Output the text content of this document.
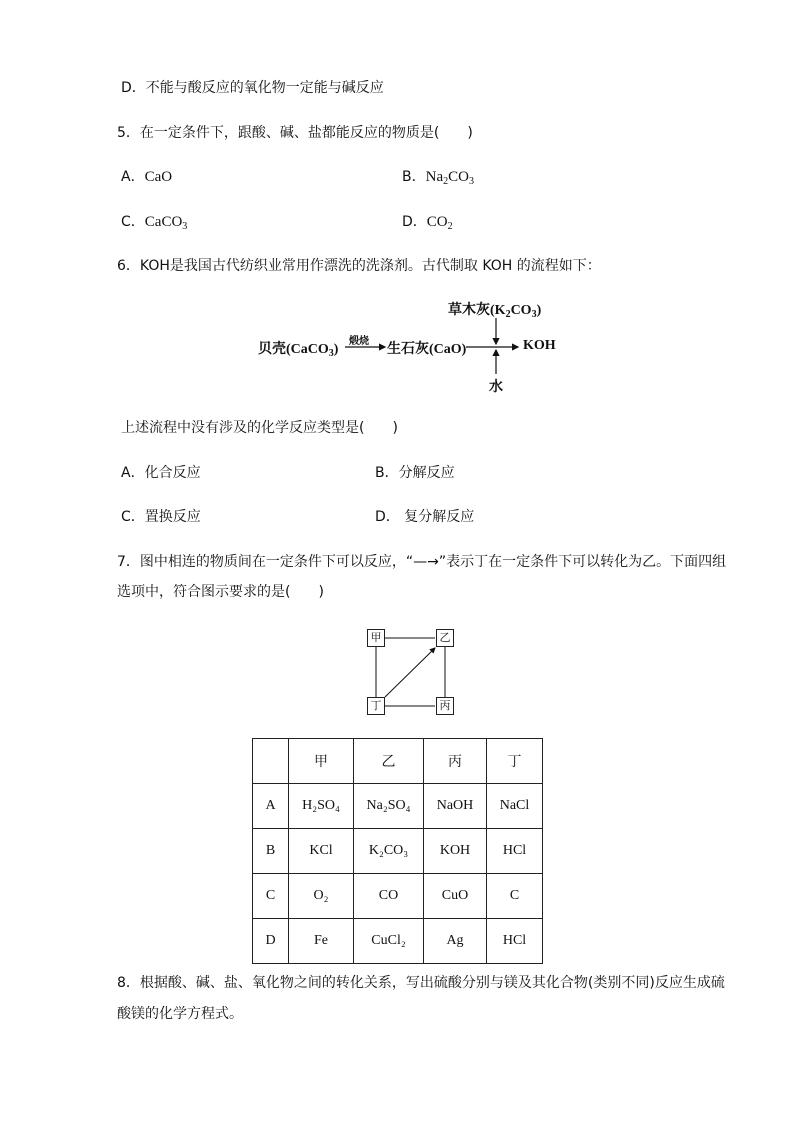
D．不能与酸反应的氧化物一定能与碱反应
5．在一定条件下，跟酸、碱、盐都能反应的物质是(　　)
A．CaO	B．$Na_2CO_3$
C．CaCO$_3$	D．$CO_2$
6．KOH是我国古代纺织业常用作漂洗的洗涤剂。古代制取 KOH 的流程如下：
贝壳(CaCO$_3$)
煅烧
生石灰(CaO)
草木灰$(K_2CO_3)$
水
KOH
上述流程中没有涉及的化学反应类型是(　　)
A．化合反应	B．分解反应
C．置换反应	D． 复分解反应
7．图中相连的物质间在一定条件下可以反应，“—→”表示丁在一定条件下可以转化为乙。下面四组
选项中，符合图示要求的是(　　)
甲	乙
丙
丁
	甲	乙	丙	丁
A	H₂SO₄	Na₂SO₄	NaOH	NaCl
B	KCl	K₂CO₃	KOH	HCl
C	O₂	CO	CuO	C
D	Fe	CuCl₂	Ag	HCl
8．根据酸、碱、盐、氧化物之间的转化关系，写出硫酸分别与镁及其化合物(类别不同)反应生成硫
酸镁的化学方程式。
